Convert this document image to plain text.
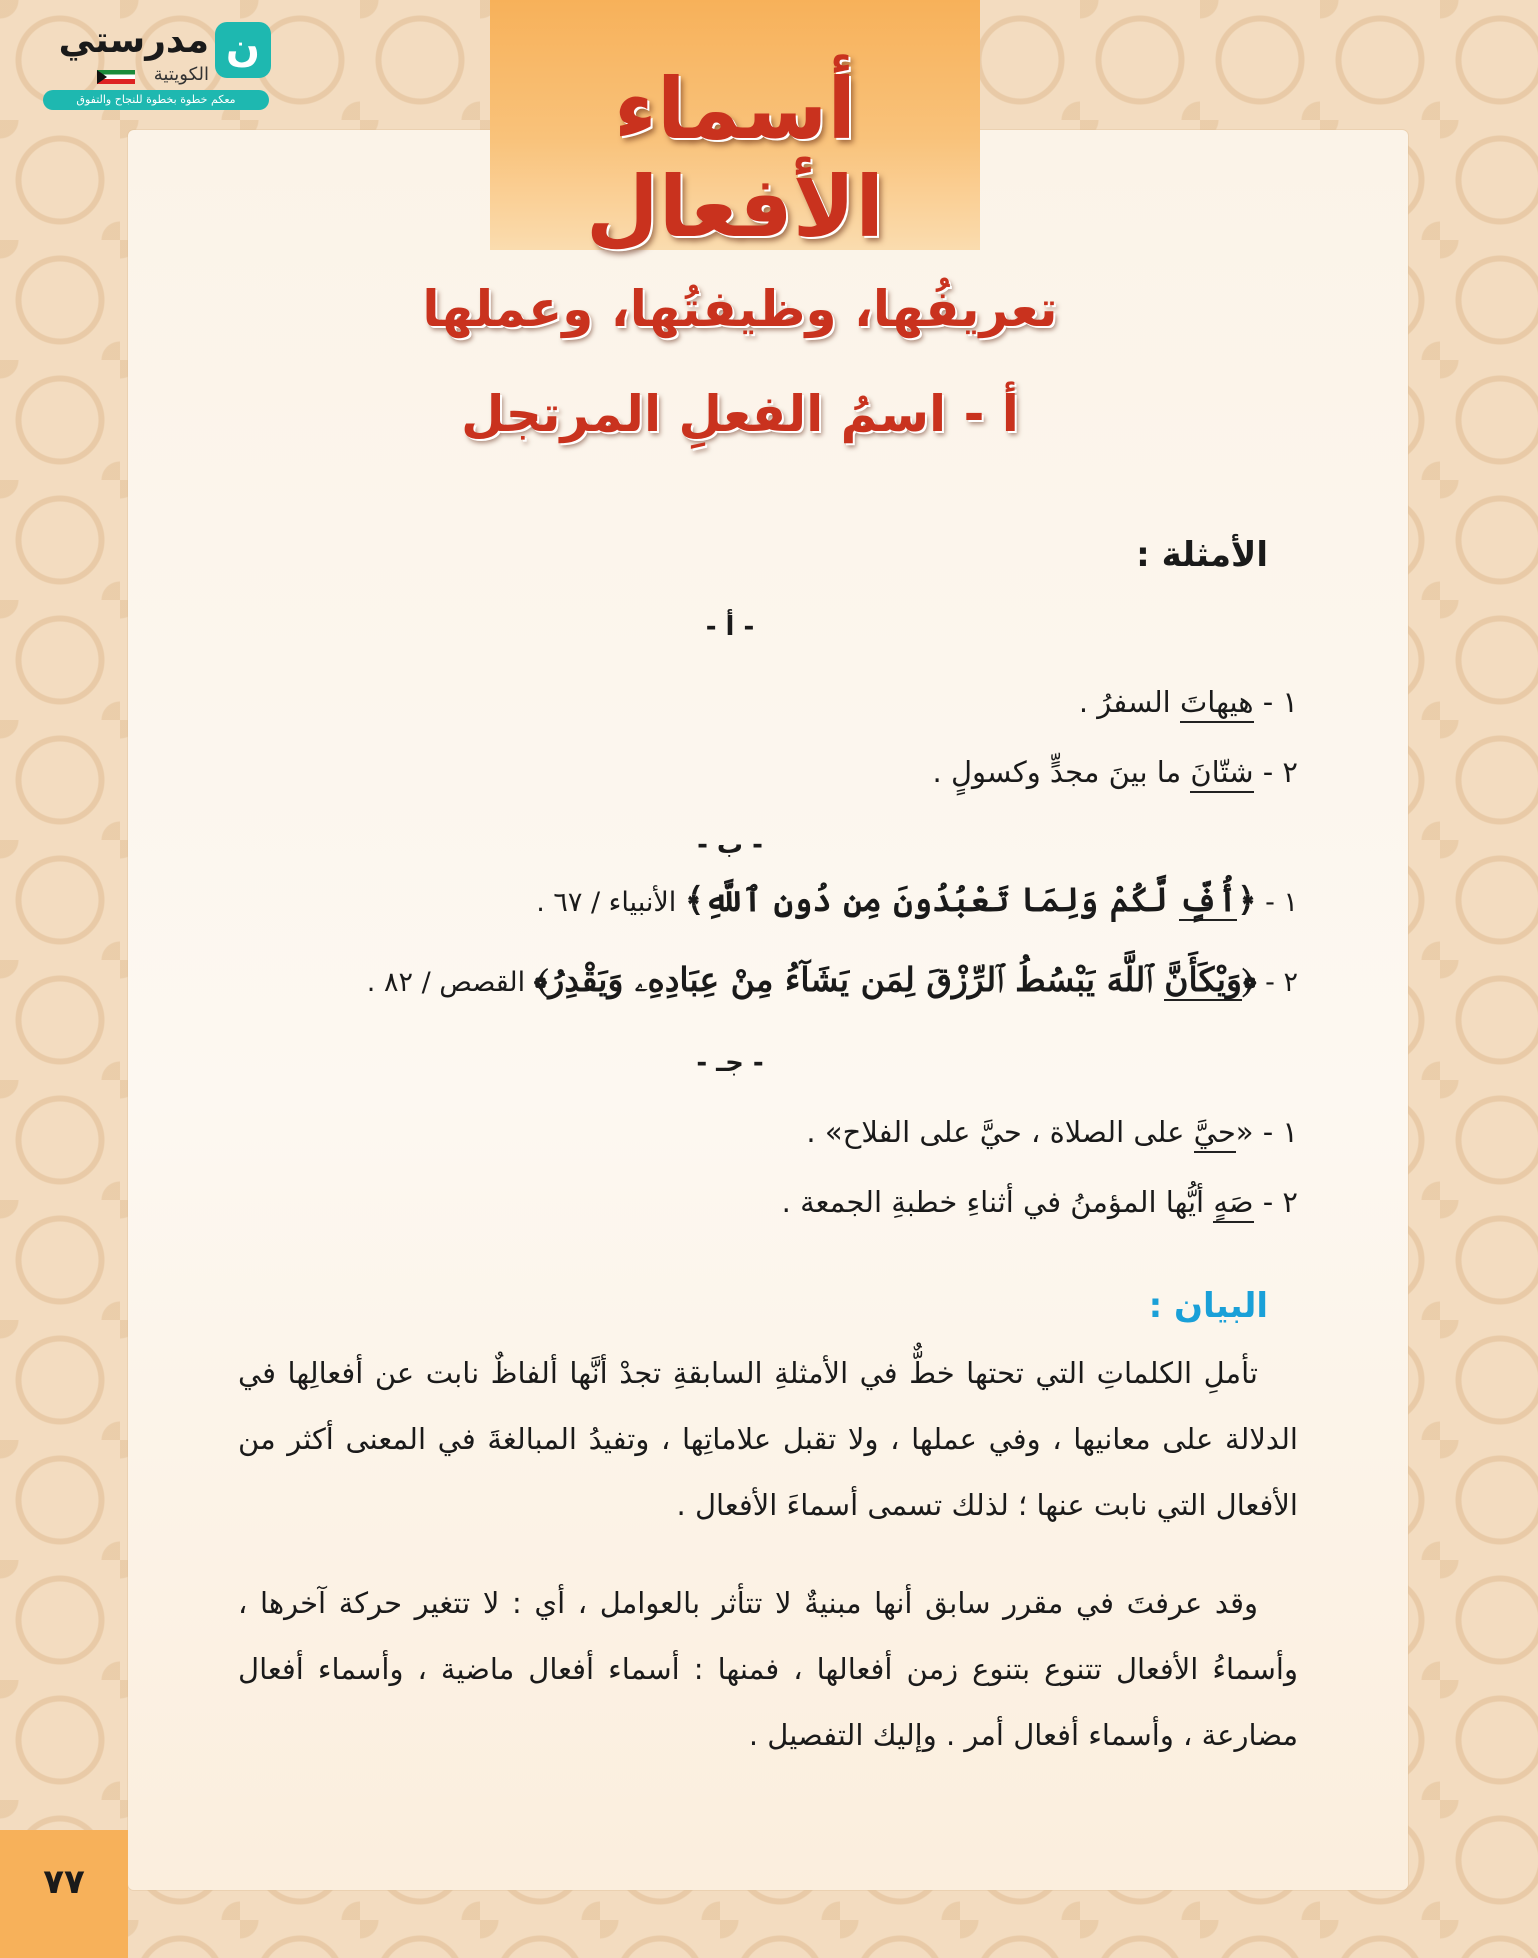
أسماء الأفعال
تعريفُها، وظيفتُها، وعملها
أ - اسمُ الفعلِ المرتجل
ن
مدرستي
الكويتية
معكم خطوة بخطوة للنجاح والتفوق
الأمثلة :
- أ -
١ - هيهاتَ السفرُ .
٢ - شتّانَ ما بينَ مجدٍّ وكسولٍ .
- ب -
١ - ﴿أُفٍّ لَّكُمْ وَلِمَا تَعْبُدُونَ مِن دُونِ ٱللَّهِ﴾ الأنبياء / ٦٧ .
٢ - ﴿وَيْكَأَنَّ ٱللَّهَ يَبْسُطُ ٱلرِّزْقَ لِمَن يَشَآءُ مِنْ عِبَادِهِۦ وَيَقْدِرُ﴾ القصص / ٨٢ .
- جـ -
١ - «حيَّ على الصلاة ، حيَّ على الفلاح» .
٢ - صَهٍ أيُّها المؤمنُ في أثناءِ خطبةِ الجمعة .
البيان :
تأملِ الكلماتِ التي تحتها خطٌّ في الأمثلةِ السابقةِ تجدْ أنَّها ألفاظٌ نابت عن أفعالِها في الدلالة على معانيها ، وفي عملها ، ولا تقبل علاماتِها ، وتفيدُ المبالغةَ في المعنى أكثر من الأفعال التي نابت عنها ؛ لذلك تسمى أسماءَ الأفعال .
وقد عرفتَ في مقرر سابق أنها مبنيةٌ لا تتأثر بالعوامل ، أي : لا تتغير حركة آخرها ، وأسماءُ الأفعال تتنوع بتنوع زمن أفعالها ، فمنها : أسماء أفعال ماضية ، وأسماء أفعال مضارعة ، وأسماء أفعال أمر . وإليك التفصيل .
٧٧
